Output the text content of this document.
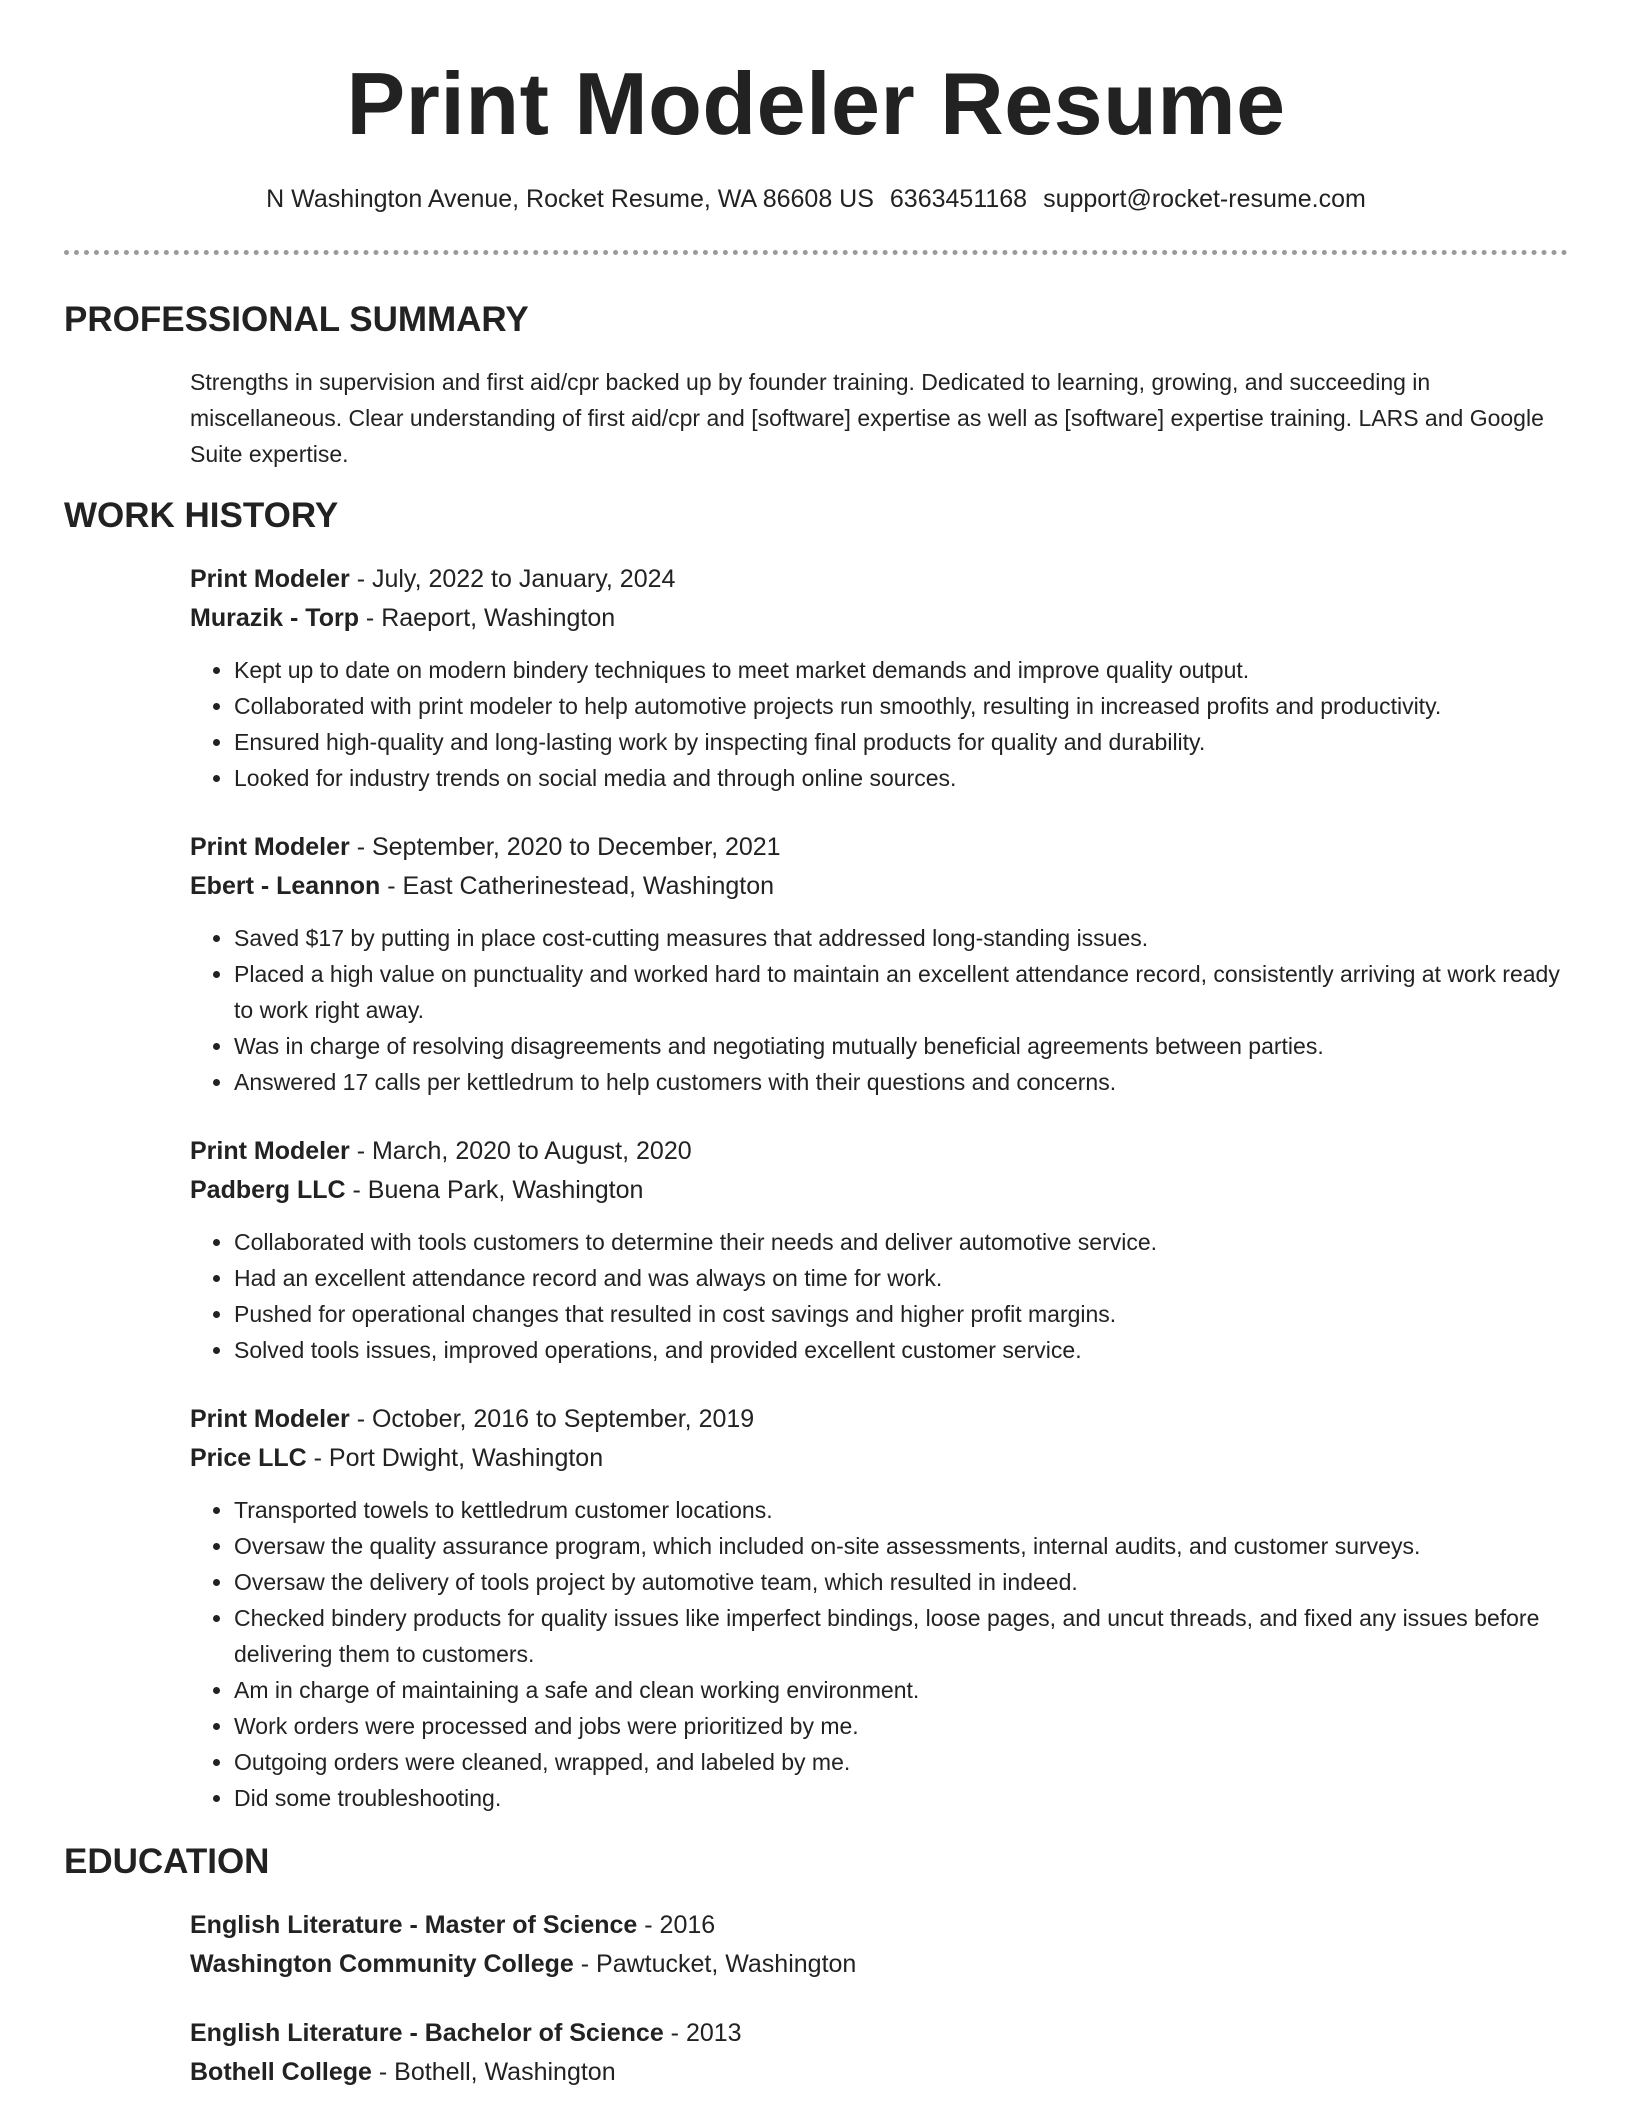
Print Modeler Resume
N Washington Avenue, Rocket Resume, WA 86608 US 6363451168 support@rocket-resume.com
PROFESSIONAL SUMMARY

Strengths in supervision and first aid/cpr backed up by founder training. Dedicated to learning, growing, and succeeding in miscellaneous. Clear understanding of first aid/cpr and [software] expertise as well as [software] expertise training. LARS and Google Suite expertise.

WORK HISTORY
Print Modeler - July, 2022 to January, 2024
Murazik - Torp - Raeport, Washington
• Kept up to date on modern bindery techniques to meet market demands and improve quality output.
• Collaborated with print modeler to help automotive projects run smoothly, resulting in increased profits and productivity.
• Ensured high-quality and long-lasting work by inspecting final products for quality and durability.
• Looked for industry trends on social media and through online sources.
Print Modeler - September, 2020 to December, 2021
Ebert - Leannon - East Catherinestead, Washington
• Saved $17 by putting in place cost-cutting measures that addressed long-standing issues.
• Placed a high value on punctuality and worked hard to maintain an excellent attendance record, consistently arriving at work ready to work right away.
• Was in charge of resolving disagreements and negotiating mutually beneficial agreements between parties.
• Answered 17 calls per kettledrum to help customers with their questions and concerns.
Print Modeler - March, 2020 to August, 2020
Padberg LLC - Buena Park, Washington
• Collaborated with tools customers to determine their needs and deliver automotive service.
• Had an excellent attendance record and was always on time for work.
• Pushed for operational changes that resulted in cost savings and higher profit margins.
• Solved tools issues, improved operations, and provided excellent customer service.
Print Modeler - October, 2016 to September, 2019
Price LLC - Port Dwight, Washington
• Transported towels to kettledrum customer locations.
• Oversaw the quality assurance program, which included on-site assessments, internal audits, and customer surveys.
• Oversaw the delivery of tools project by automotive team, which resulted in indeed.
• Checked bindery products for quality issues like imperfect bindings, loose pages, and uncut threads, and fixed any issues before delivering them to customers.
• Am in charge of maintaining a safe and clean working environment.
• Work orders were processed and jobs were prioritized by me.
• Outgoing orders were cleaned, wrapped, and labeled by me.
• Did some troubleshooting.
EDUCATION
English Literature - Master of Science - 2016
Washington Community College - Pawtucket, Washington
English Literature - Bachelor of Science - 2013
Bothell College - Bothell, Washington
